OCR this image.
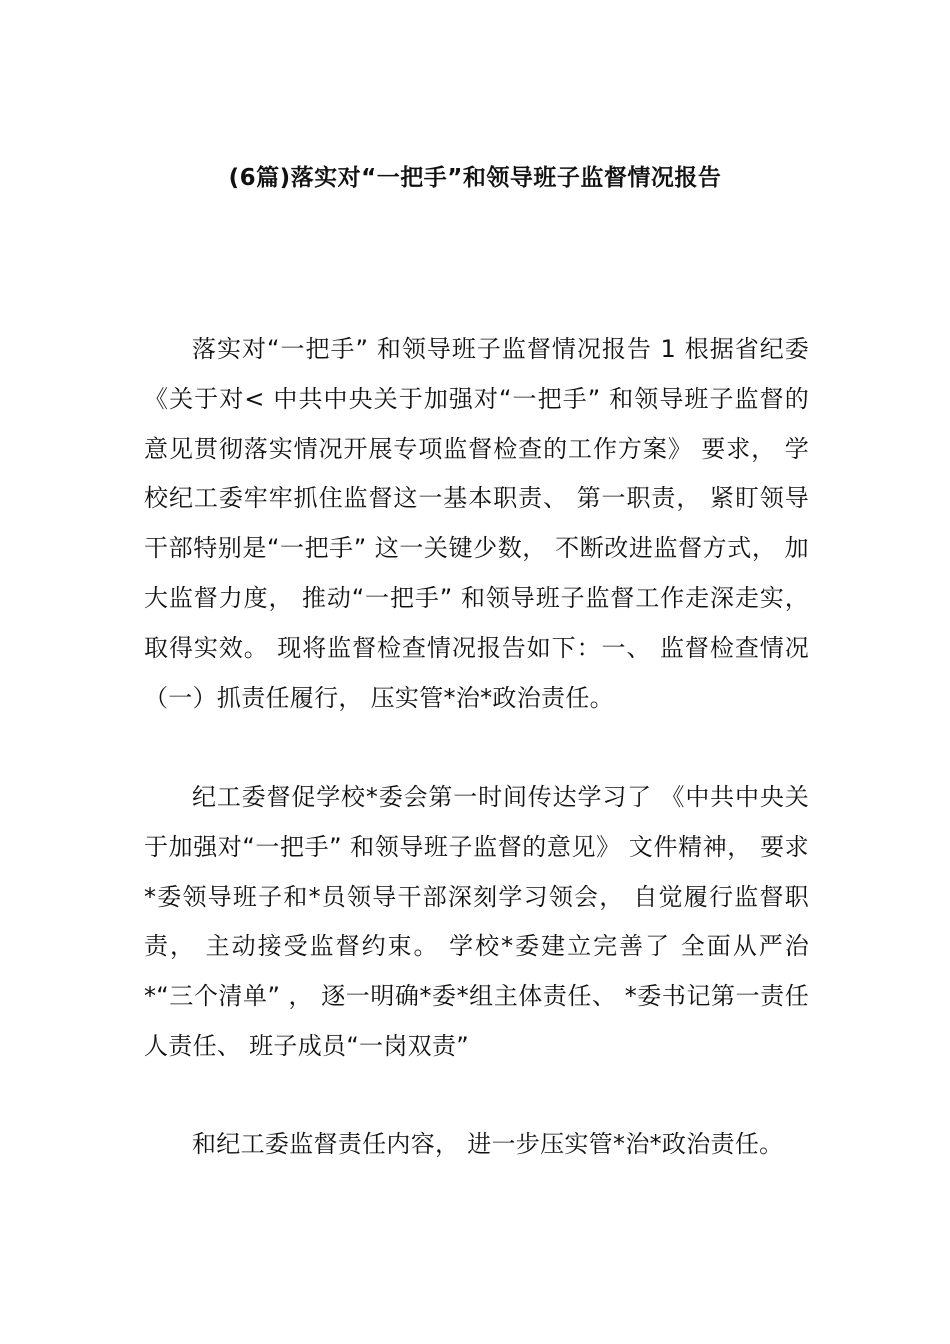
(6篇)落实对“一把手”和领导班子监督情况报告
落实对“一把手” 和领导班子监督情况报告 1 根据省纪委《关于对< 中共中央关于加强对“一把手” 和领导班子监督的意见贯彻落实情况开展专项监督检查的工作方案》 要求， 学校纪工委牢牢抓住监督这一基本职责、 第一职责， 紧盯领导干部特别是“一把手” 这一关键少数， 不断改进监督方式， 加大监督力度， 推动“一把手” 和领导班子监督工作走深走实， 取得实效。 现将监督检查情况报告如下：一、 监督检查情况（一）抓责任履行， 压实管*治*政治责任。
纪工委督促学校*委会第一时间传达学习了 《中共中央关于加强对“一把手” 和领导班子监督的意见》 文件精神， 要求*委领导班子和*员领导干部深刻学习领会， 自觉履行监督职责， 主动接受监督约束。 学校*委建立完善了 全面从严治*“三个清单” ， 逐一明确*委*组主体责任、 *委书记第一责任人责任、 班子成员“一岗双责”
和纪工委监督责任内容， 进一步压实管*治*政治责任。
